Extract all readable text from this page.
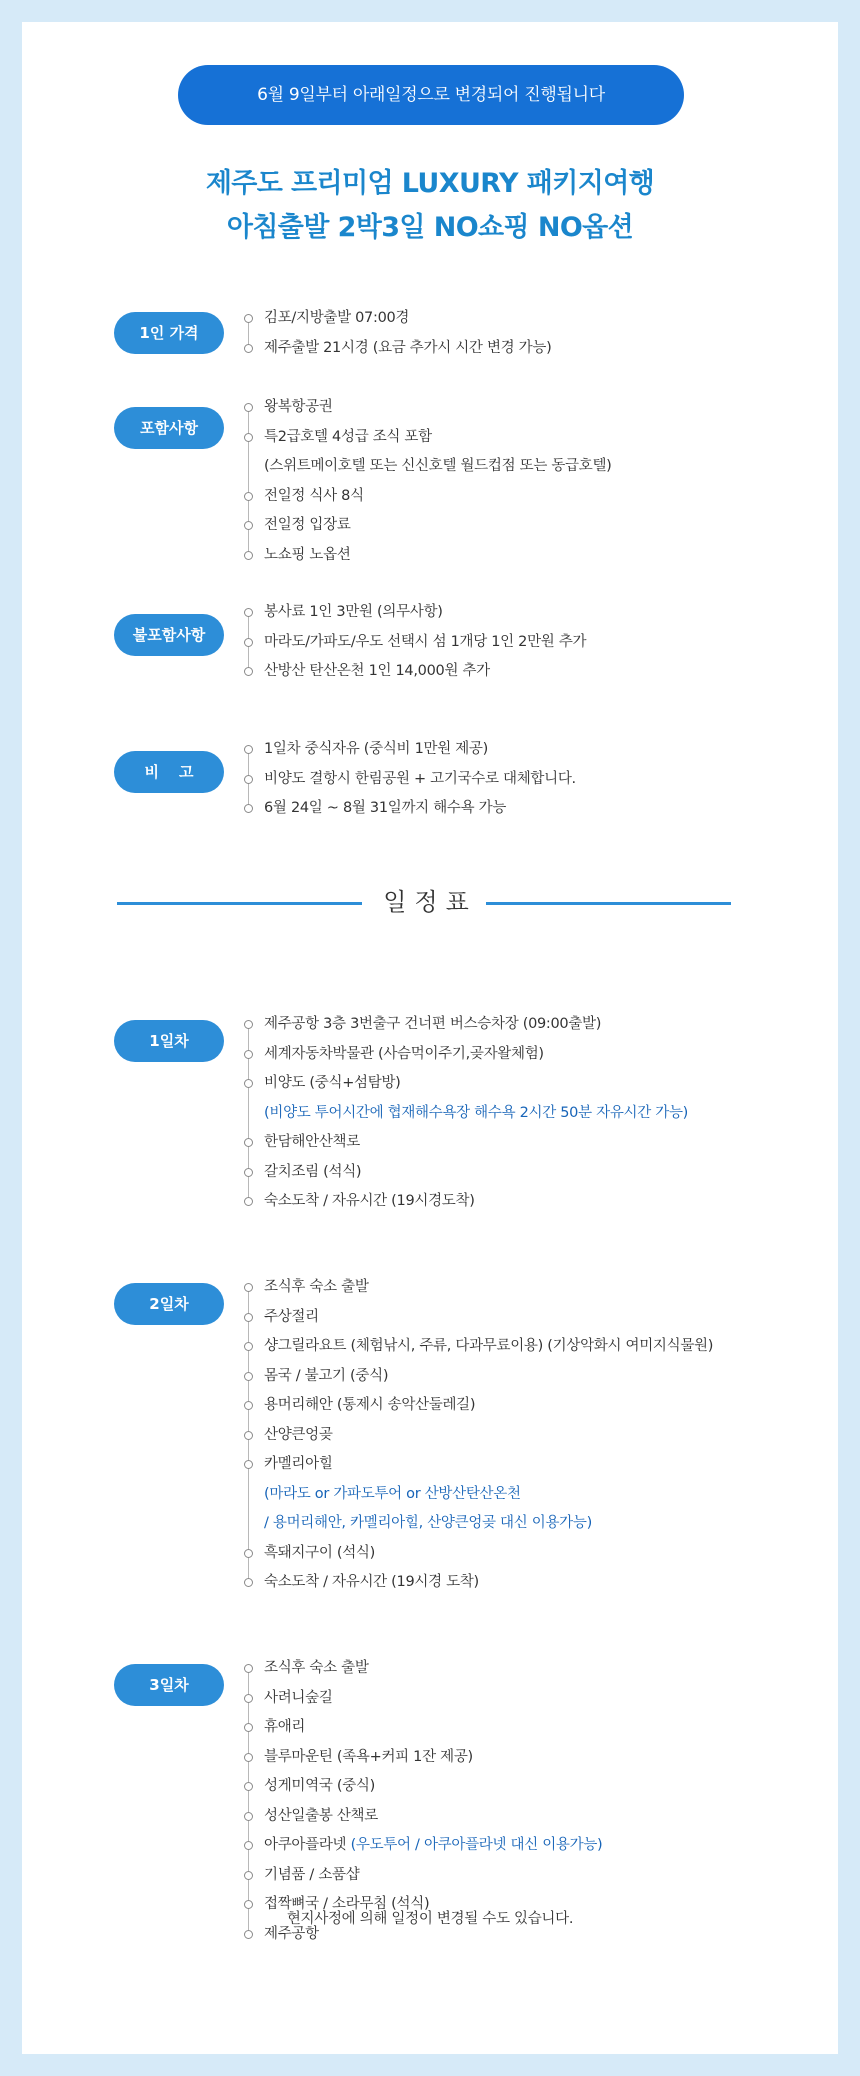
6월 9일부터 아래일정으로 변경되어 진행됩니다
제주도 프리미엄 LUXURY 패키지여행
아침출발 2박3일 NO쇼핑 NO옵션
1인 가격
김포/지방출발 07:00경
제주출발 21시경 (요금 추가시 시간 변경 가능)
포함사항
왕복항공권
특2급호텔 4성급 조식 포함
(스위트메이호텔 또는 신신호텔 월드컵점 또는 동급호텔)
전일정 식사 8식
전일정 입장료
노쇼핑 노옵션
불포함사항
봉사료 1인 3만원 (의무사항)
마라도/가파도/우도 선택시 섬 1개당 1인 2만원 추가
산방산 탄산온천 1인 14,000원 추가
비고
1일차 중식자유 (중식비 1만원 제공)
비양도 결항시 한림공원 + 고기국수로 대체합니다.
6월 24일 ~ 8월 31일까지 해수욕 가능
일정표
1일차
제주공항 3층 3번출구 건너편 버스승차장 (09:00출발)
세계자동차박물관 (사슴먹이주기,곶자왈체험)
비양도 (중식+섬탐방)
(비양도 투어시간에 협재해수욕장 해수욕 2시간 50분 자유시간 가능)
한담해안산책로
갈치조림 (석식)
숙소도착 / 자유시간 (19시경도착)
2일차
조식후 숙소 출발
주상절리
샹그릴라요트 (체험낚시, 주류, 다과무료이용) (기상악화시 여미지식물원)
몸국 / 불고기 (중식)
용머리해안 (통제시 송악산둘레길)
산양큰엉곶
카멜리아힐
(마라도 or 가파도투어 or 산방산탄산온천
/ 용머리해안, 카멜리아힐, 산양큰엉곶 대신 이용가능)
흑돼지구이 (석식)
숙소도착 / 자유시간 (19시경 도착)
3일차
조식후 숙소 출발
사려니숲길
휴애리
블루마운틴 (족욕+커피 1잔 제공)
성게미역국 (중식)
성산일출봉 산책로
아쿠아플라넷 (우도투어 / 아쿠아플라넷 대신 이용가능)
기념품 / 소품샵
접짝뼈국 / 소라무침 (석식)
제주공항
현지사정에 의해 일정이 변경될 수도 있습니다.
